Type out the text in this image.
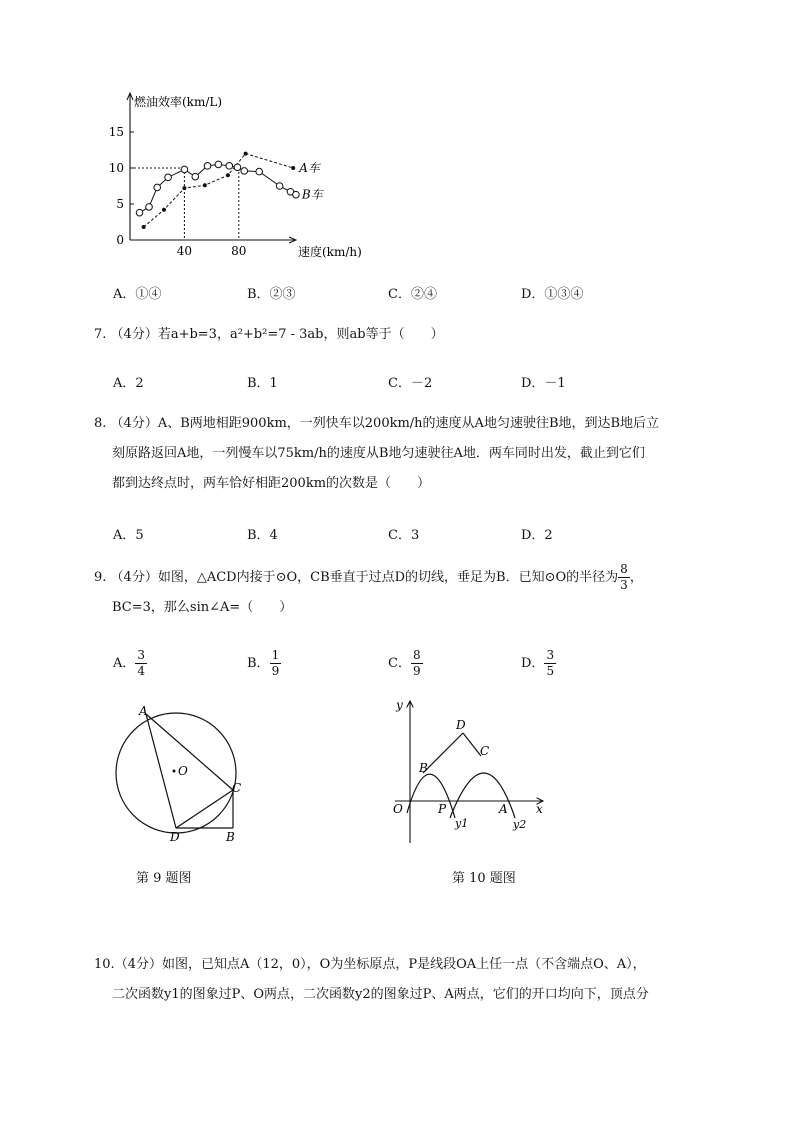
0
5
10
15
40	80
A车
B车
燃油效率(km/L)
速度(km/h)
A．①④	B．②③	C．②④	D．①③④
7. （4分）若a+b=3，a²+b²=7 - 3ab，则ab等于（　　）
A．2	B．1	C．－2	D．－1
8. （4分）A、B两地相距900km，一列快车以200km/h的速度从A地匀速驶往B地，到达B地后立
刻原路返回A地，一列慢车以75km/h的速度从B地匀速驶往A地．两车同时出发，截止到它们
都到达终点时，两车恰好相距200km的次数是（　　）
A．5	B．4	C．3	D．2
9. （4分）如图，△ACD内接于⊙O，CB垂直于过点D的切线，垂足为B．已知⊙O的半径为 $\frac{8}{3}$ ，
BC=3，那么sin∠A=（　　）
A． $\frac{3}{4}$	B． $\frac{1}{9}$	C． $\frac{8}{9}$	D． $\frac{3}{5}$
A
O
C
D	B
第 9 题图
y
x
O	P	A
B
C
D
y1	y2
第 10 题图
10.（4分）如图，已知点A（12，0），O为坐标原点，P是线段OA上任一点（不含端点O、A），
二次函数y1的图象过P、O两点，二次函数y2的图象过P、A两点，它们的开口均向下，顶点分
